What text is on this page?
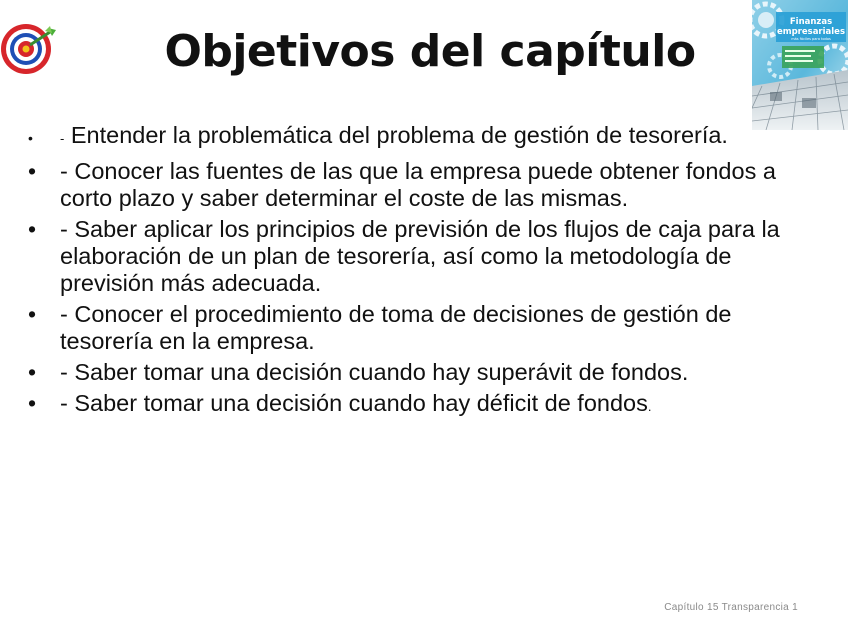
Objetivos del capítulo
Finanzas
empresariales
más fáciles para todos
• - Entender la problemática del problema de gestión de tesorería.
• - Conocer las fuentes de las que la empresa puede obtener fondos a corto plazo y saber determinar el coste de las mismas.
• - Saber aplicar los principios de previsión de los flujos de caja para la elaboración de un plan de tesorería, así como la metodología de previsión más adecuada.
• - Conocer el procedimiento de toma de decisiones de gestión de tesorería en la empresa.
• - Saber tomar una decisión cuando hay superávit de fondos.
• - Saber tomar una decisión cuando hay déficit de fondos.
Capítulo 15 Transparencia 1
